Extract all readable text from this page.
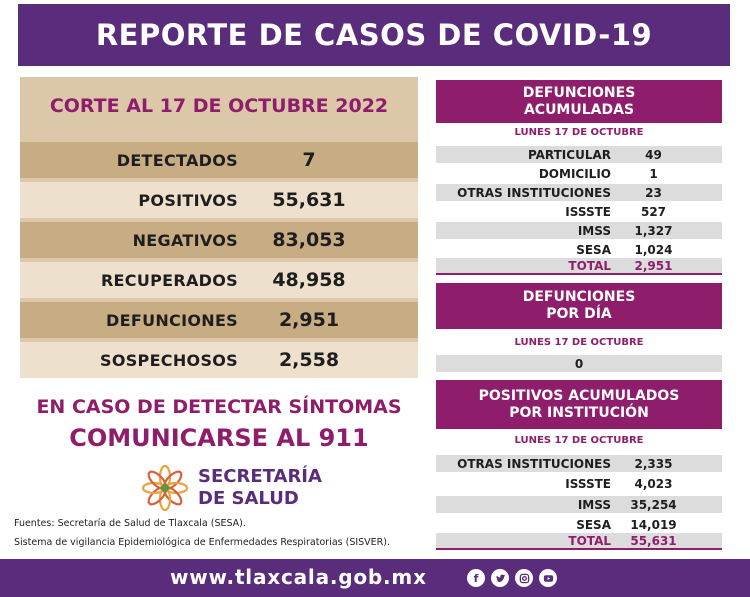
REPORTE DE CASOS DE COVID-19
CORTE AL 17 DE OCTUBRE 2022
DETECTADOS	7
POSITIVOS	55,631
NEGATIVOS	83,053
RECUPERADOS	48,958
DEFUNCIONES	2,951
SOSPECHOSOS	2,558
EN CASO DE DETECTAR SÍNTOMAS
COMUNICARSE AL 911
SECRETARÍA
DE SALUD
Fuentes: Secretaría de Salud de Tlaxcala (SESA).
Sistema de vigilancia Epidemiológica de Enfermedades Respiratorias (SISVER).
DEFUNCIONES
ACUMULADAS
LUNES 17 DE OCTUBRE
PARTICULAR	49
DOMICILIO	1
OTRAS INSTITUCIONES	23
ISSSTE	527
IMSS	1,327
SESA	1,024
TOTAL	2,951
DEFUNCIONES
POR DÍA
LUNES 17 DE OCTUBRE
0
POSITIVOS ACUMULADOS
POR INSTITUCIÓN
LUNES 17 DE OCTUBRE
OTRAS INSTITUCIONES	2,335
ISSSTE	4,023
IMSS	35,254
SESA	14,019
TOTAL	55,631
www.tlaxcala.gob.mx	f
